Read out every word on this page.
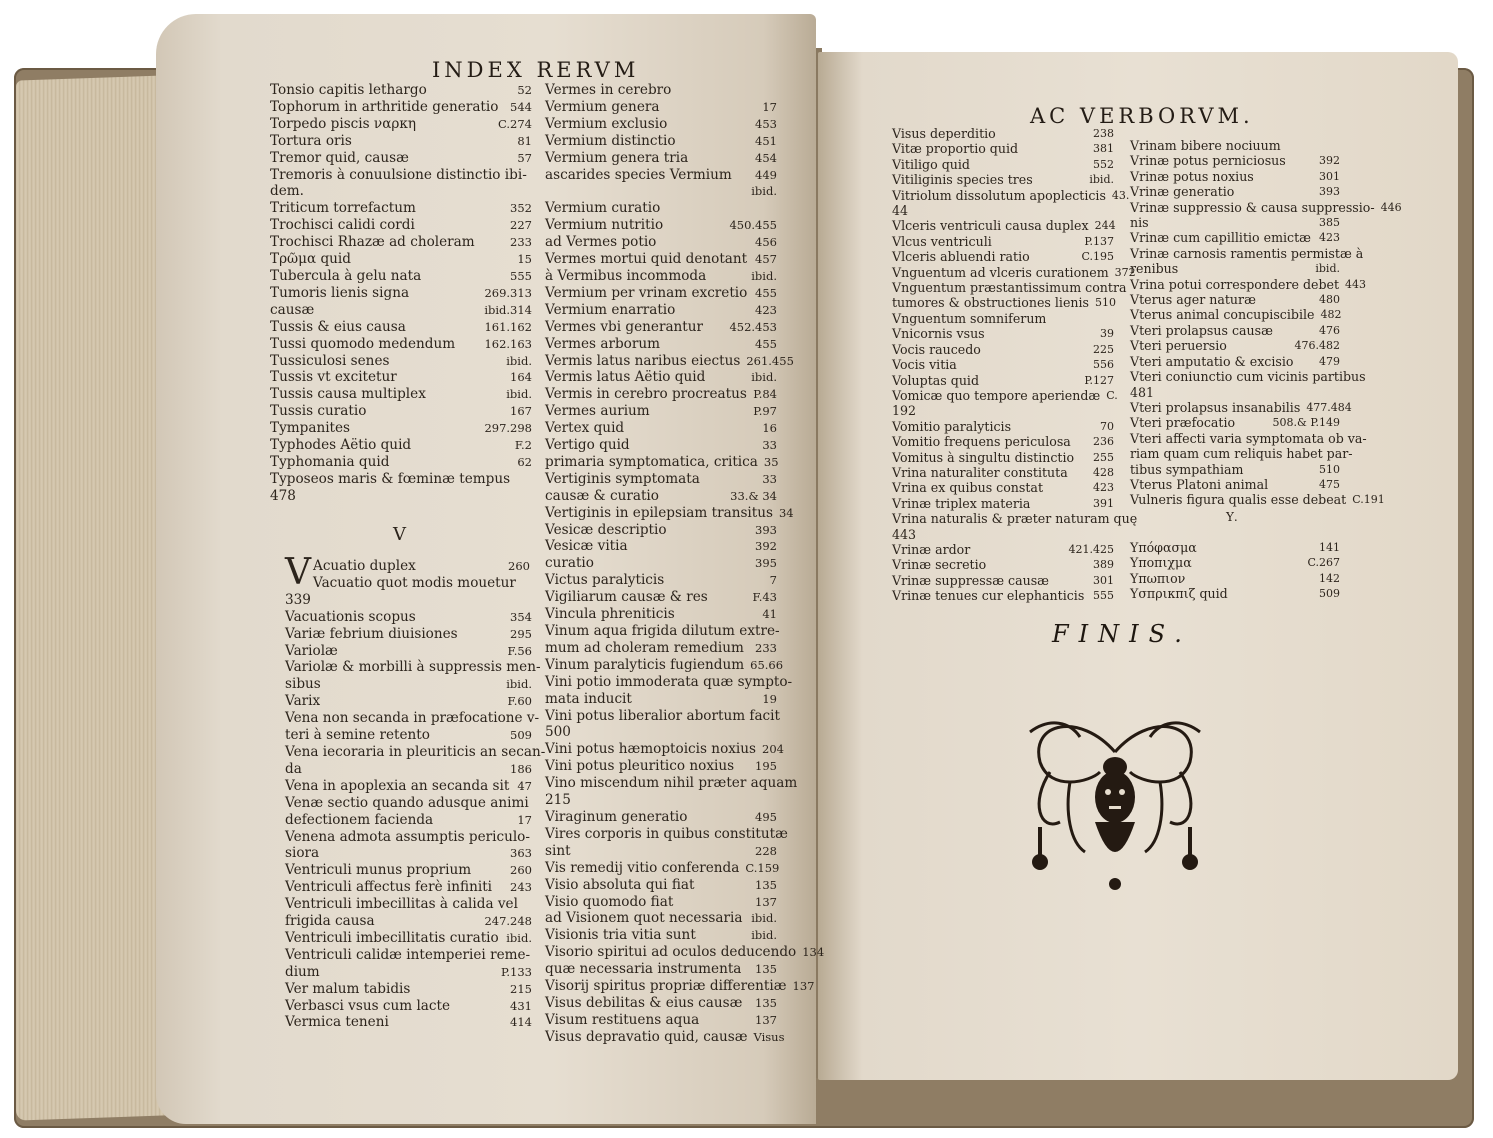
INDEX RERVM
AC VERBORVM.
Tonsio capitis lethargo	52
Tophorum in arthritide generatio	544
Torpedo piscis ναρκη	C.274
Tortura oris	81
Tremor quid, causæ	57
Tremoris à conuulsione distinctio ibi-
dem.
Triticum torrefactum	352
Trochisci calidi cordi	227
Trochisci Rhazæ ad choleram	233
Τρῶμα quid	15
Tubercula à gelu nata	555
Tumoris lienis signa	269.313
causæ	ibid.314
Tussis & eius causa	161.162
Tussi quomodo medendum	162.163
Tussiculosi senes	ibid.
Tussis vt excitetur	164
Tussis causa multiplex	ibid.
Tussis curatio	167
Tympanites	297.298
Typhodes Aëtio quid	F.2
Typhomania quid	62
Typoseos maris & fœminæ tempus
478
V
V Acuatio duplex	260
Vacuatio quot modis mouetur
339
Vacuationis scopus	354
Variæ febrium diuisiones	295
Variolæ	F.56
Variolæ & morbilli à suppressis men-
sibus	ibid.
Varix	F.60
Vena non secanda in præfocatione v-
teri à semine retento	509
Vena iecoraria in pleuriticis an secan-
da	186
Vena in apoplexia an secanda sit 47
Venæ sectio quando adusque animi
defectionem facienda	17
Venena admota assumptis periculo-
siora	363
Ventriculi munus proprium	260
Ventriculi affectus ferè infiniti	243
Ventriculi imbecillitas à calida vel
frigida causa	247.248
Ventriculi imbecillitatis curatio ibid.
Ventriculi calidæ intemperiei reme-
dium	P.133
Ver malum tabidis	215
Verbasci vsus cum lacte	431
Vermica teneni	414
Vermes in cerebro
Vermium genera	17
Vermium exclusio	453
Vermium distinctio	451
Vermium genera tria	454
ascarides species Vermium	449
ibid.
Vermium curatio
Vermium nutritio	450.455
ad Vermes potio	456
Vermes mortui quid denotant 457
à Vermibus incommoda	ibid.
Vermium per vrinam excretio 455
Vermium enarratio	423
Vermes vbi generantur	452.453
Vermes arborum	455
Vermis latus naribus eiectus 261.455
Vermis latus Aëtio quid	ibid.
Vermis in cerebro procreatus P.84
Vermes aurium	P.97
Vertex quid	16
Vertigo quid	33
primaria symptomatica, critica 35
Vertiginis symptomata	33
causæ & curatio	33.& 34
Vertiginis in epilepsiam transitus 34
Vesicæ descriptio	393
Vesicæ vitia	392
curatio	395
Victus paralyticis	7
Vigiliarum causæ & res	F.43
Vincula phreniticis	41
Vinum aqua frigida dilutum extre-
mum ad choleram remedium 233
Vinum paralyticis fugiendum 65.66
Vini potio immoderata quæ sympto-
mata inducit	19
Vini potus liberalior abortum facit
500
Vini potus hæmoptoicis noxius 204
Vini potus pleuritico noxius	195
Vino miscendum nihil præter aquam
215
Viraginum generatio	495
Vires corporis in quibus constitutæ
sint	228
Vis remedij vitio conferenda C.159
Visio absoluta qui fiat	135
Visio quomodo fiat	137
ad Visionem quot necessaria ibid.
Visionis tria vitia sunt	ibid.
Visorio spiritui ad oculos deducendo 134
quæ necessaria instrumenta	135
Visorij spiritus propriæ differentiæ 137
Visus debilitas & eius causæ	135
Visum restituens aqua	137
Visus depravatio quid, causæ Visus
Visus deperditio	238
Vitæ proportio quid	381
Vitiligo quid	552
Vitiliginis species tres	ibid.
Vitriolum dissolutum apoplecticis 43.
44
Vlceris ventriculi causa duplex 244
Vlcus ventriculi	P.137
Vlceris abluendi ratio	C.195
Vnguentum ad vlceris curationem 372
Vnguentum præstantissimum contra
tumores & obstructiones lienis 510
Vnguentum somniferum
Vnicornis vsus	39
Vocis raucedo	225
Vocis vitia	556
Voluptas quid	P.127
Vomicæ quo tempore aperiendæ C.
192
Vomitio paralyticis	70
Vomitio frequens periculosa	236
Vomitus à singultu distinctio	255
Vrina naturaliter constituta	428
Vrina ex quibus constat	423
Vrinæ triplex materia	391
Vrina naturalis & præter naturam quę
443
Vrinæ ardor	421.425
Vrinæ secretio	389
Vrinæ suppressæ causæ	301
Vrinæ tenues cur elephanticis 555
Vrinam bibere nociuum
Vrinæ potus perniciosus	392
Vrinæ potus noxius	301
Vrinæ generatio	393
Vrinæ suppressio & causa suppressio- 446
nis	385
Vrinæ cum capillitio emictæ 423
Vrinæ carnosis ramentis permistæ à
renibus	ibid.
Vrina potui correspondere debet 443
Vterus ager naturæ	480
Vterus animal concupiscibile 482
Vteri prolapsus causæ	476
Vteri peruersio	476.482
Vteri amputatio & excisio	479
Vteri coniunctio cum vicinis partibus
481
Vteri prolapsus insanabilis 477.484
Vteri præfocatio	508.& P.149
Vteri affecti varia symptomata ob va-
riam quam cum reliquis habet par-
tibus sympathiam	510
Vterus Platoni animal	475
Vulneris figura qualis esse debeat C.191
Υ.
Υπόφασμα	141
Υποπιχμα	C.267
Υπωπιον	142
Υσπρικπιζ quid	509
FINIS.
